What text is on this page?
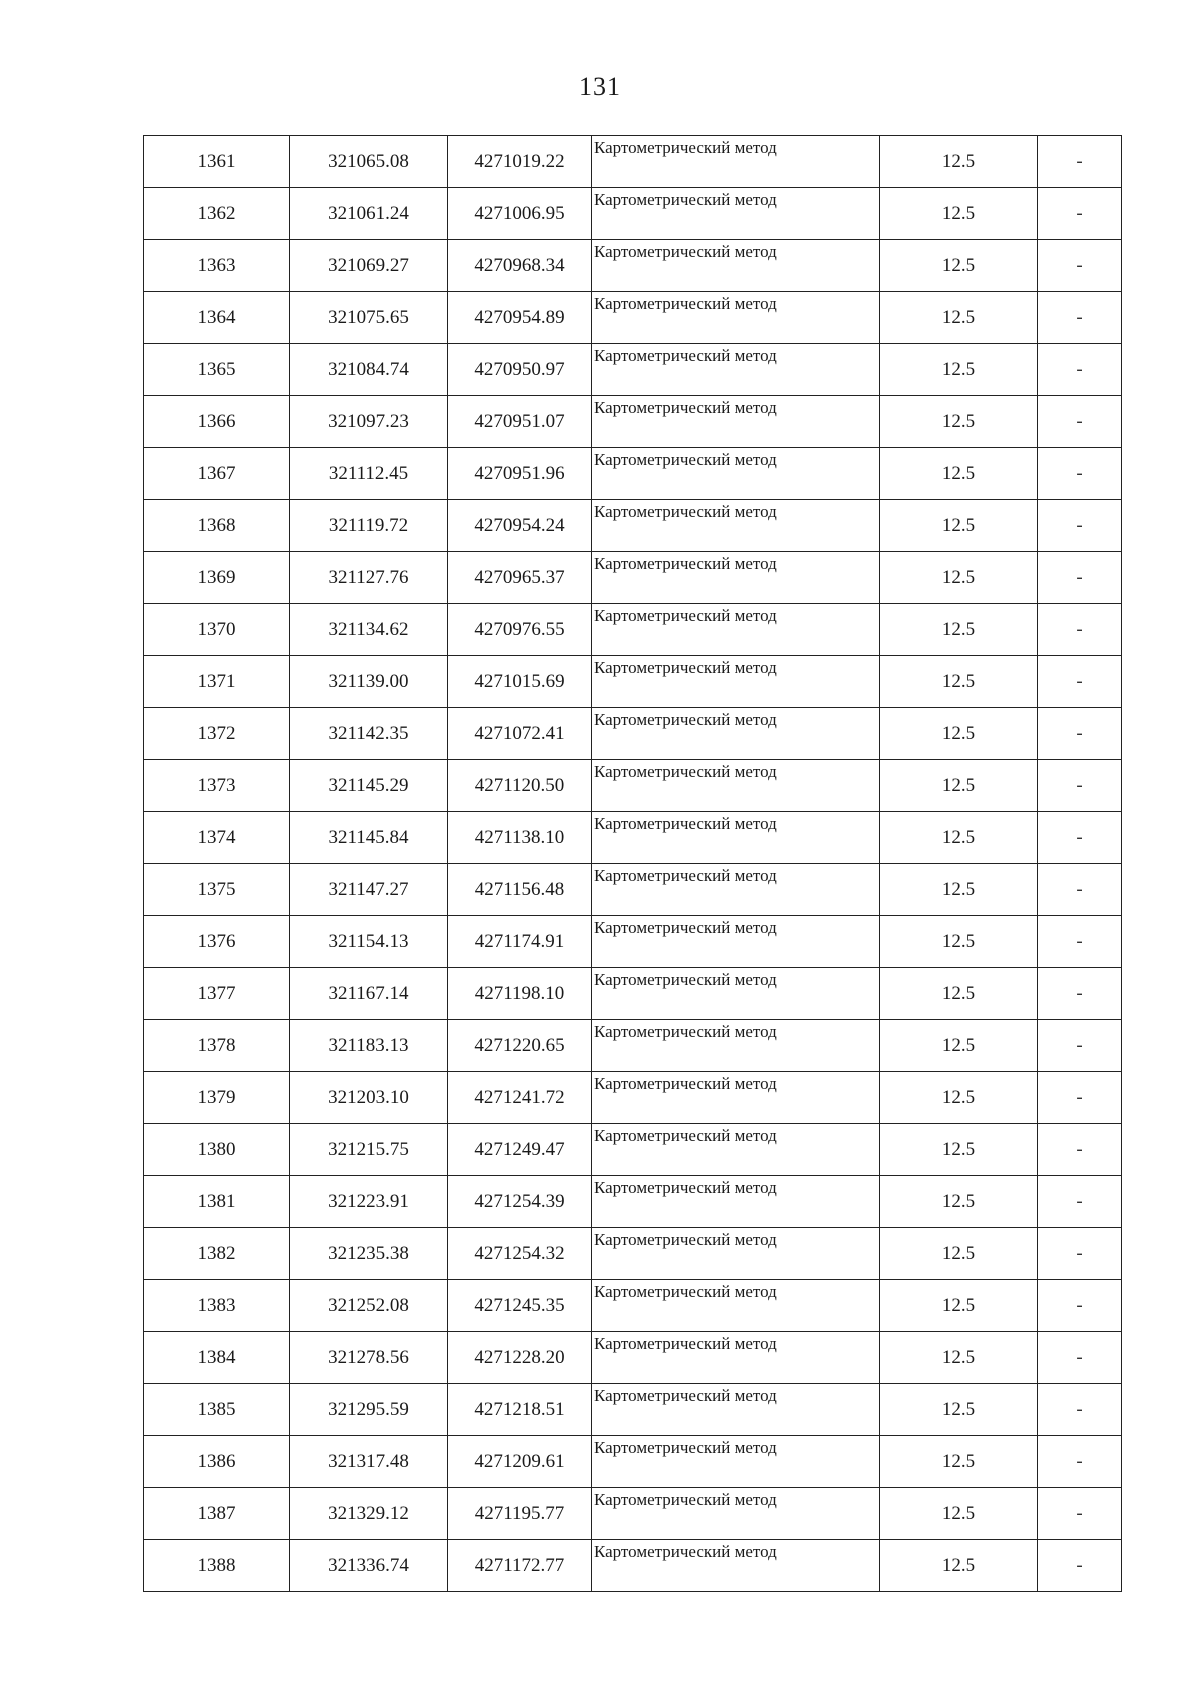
131
1361	321065.08	4271019.22	Картометрический метод	12.5	-
1362	321061.24	4271006.95	Картометрический метод	12.5	-
1363	321069.27	4270968.34	Картометрический метод	12.5	-
1364	321075.65	4270954.89	Картометрический метод	12.5	-
1365	321084.74	4270950.97	Картометрический метод	12.5	-
1366	321097.23	4270951.07	Картометрический метод	12.5	-
1367	321112.45	4270951.96	Картометрический метод	12.5	-
1368	321119.72	4270954.24	Картометрический метод	12.5	-
1369	321127.76	4270965.37	Картометрический метод	12.5	-
1370	321134.62	4270976.55	Картометрический метод	12.5	-
1371	321139.00	4271015.69	Картометрический метод	12.5	-
1372	321142.35	4271072.41	Картометрический метод	12.5	-
1373	321145.29	4271120.50	Картометрический метод	12.5	-
1374	321145.84	4271138.10	Картометрический метод	12.5	-
1375	321147.27	4271156.48	Картометрический метод	12.5	-
1376	321154.13	4271174.91	Картометрический метод	12.5	-
1377	321167.14	4271198.10	Картометрический метод	12.5	-
1378	321183.13	4271220.65	Картометрический метод	12.5	-
1379	321203.10	4271241.72	Картометрический метод	12.5	-
1380	321215.75	4271249.47	Картометрический метод	12.5	-
1381	321223.91	4271254.39	Картометрический метод	12.5	-
1382	321235.38	4271254.32	Картометрический метод	12.5	-
1383	321252.08	4271245.35	Картометрический метод	12.5	-
1384	321278.56	4271228.20	Картометрический метод	12.5	-
1385	321295.59	4271218.51	Картометрический метод	12.5	-
1386	321317.48	4271209.61	Картометрический метод	12.5	-
1387	321329.12	4271195.77	Картометрический метод	12.5	-
1388	321336.74	4271172.77	Картометрический метод	12.5	-
